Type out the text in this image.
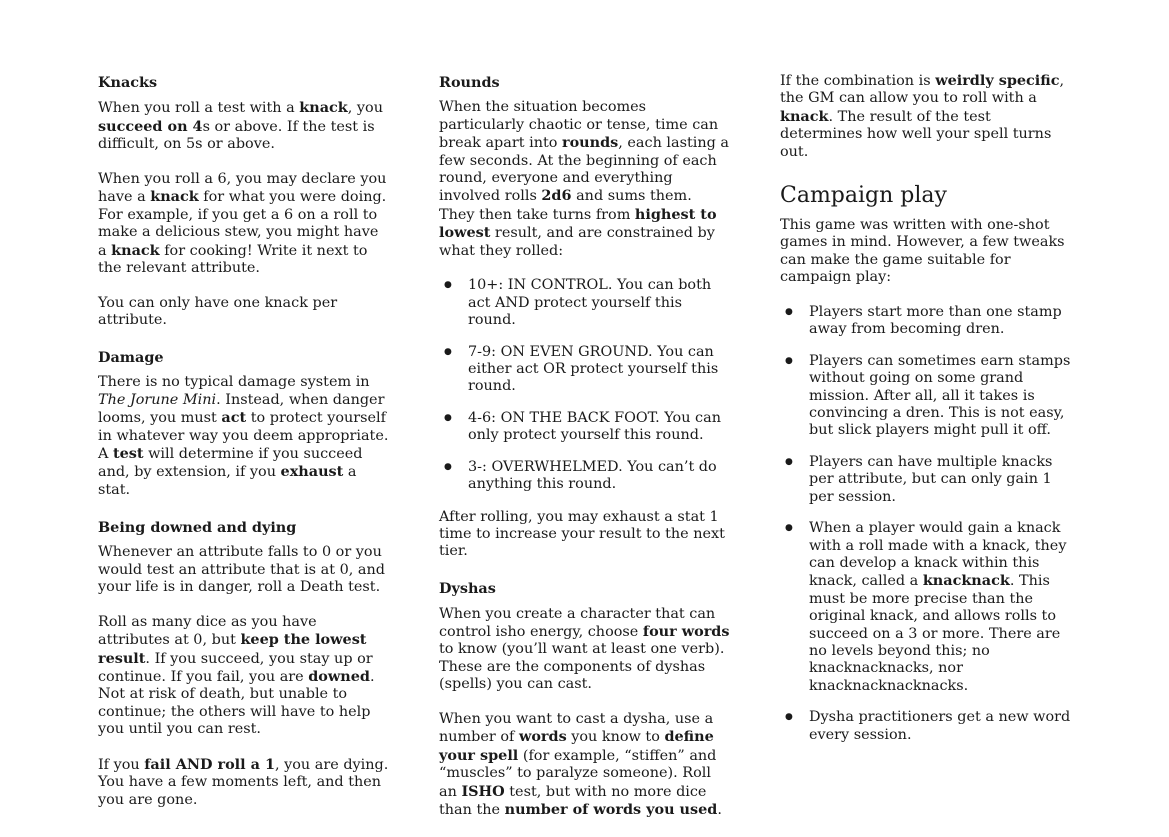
Knacks

When you roll a test with a knack, you succeed on 4s or above. If the test is difficult, on 5s or above.

When you roll a 6, you may declare you have a knack for what you were doing. For example, if you get a 6 on a roll to make a delicious stew, you might have a knack for cooking! Write it next to the relevant attribute.

You can only have one knack per attribute.

Damage

There is no typical damage system in The Jorune Mini. Instead, when danger looms, you must act to protect yourself in whatever way you deem appropriate. A test will determine if you succeed and, by extension, if you exhaust a stat.

Being downed and dying

Whenever an attribute falls to 0 or you would test an attribute that is at 0, and your life is in danger, roll a Death test.

Roll as many dice as you have attributes at 0, but keep the lowest result. If you succeed, you stay up or continue. If you fail, you are downed. Not at risk of death, but unable to continue; the others will have to help you until you can rest.

If you fail AND roll a 1, you are dying. You have a few moments left, and then you are gone.

Rounds

When the situation becomes particularly chaotic or tense, time can break apart into rounds, each lasting a few seconds. At the beginning of each round, everyone and everything involved rolls 2d6 and sums them. They then take turns from highest to lowest result, and are constrained by what they rolled:

● 10+: IN CONTROL. You can both act AND protect yourself this round.
● 7-9: ON EVEN GROUND. You can either act OR protect yourself this round.
● 4-6: ON THE BACK FOOT. You can only protect yourself this round.
● 3-: OVERWHELMED. You can’t do anything this round.

After rolling, you may exhaust a stat 1 time to increase your result to the next tier.

Dyshas

When you create a character that can control isho energy, choose four words to know (you’ll want at least one verb). These are the components of dyshas (spells) you can cast.

When you want to cast a dysha, use a number of words you know to define your spell (for example, “stiffen” and “muscles” to paralyze someone). Roll an ISHO test, but with no more dice than the number of words you used.

If the combination is weirdly specific, the GM can allow you to roll with a knack. The result of the test determines how well your spell turns out.

Campaign play

This game was written with one-shot games in mind. However, a few tweaks can make the game suitable for campaign play:

● Players start more than one stamp away from becoming dren.
● Players can sometimes earn stamps without going on some grand mission. After all, all it takes is convincing a dren. This is not easy, but slick players might pull it off.
● Players can have multiple knacks per attribute, but can only gain 1 per session.
● When a player would gain a knack with a roll made with a knack, they can develop a knack within this knack, called a knacknack. This must be more precise than the original knack, and allows rolls to succeed on a 3 or more. There are no levels beyond this; no knacknacknacks, nor knacknacknacknacks.
● Dysha practitioners get a new word every session.
